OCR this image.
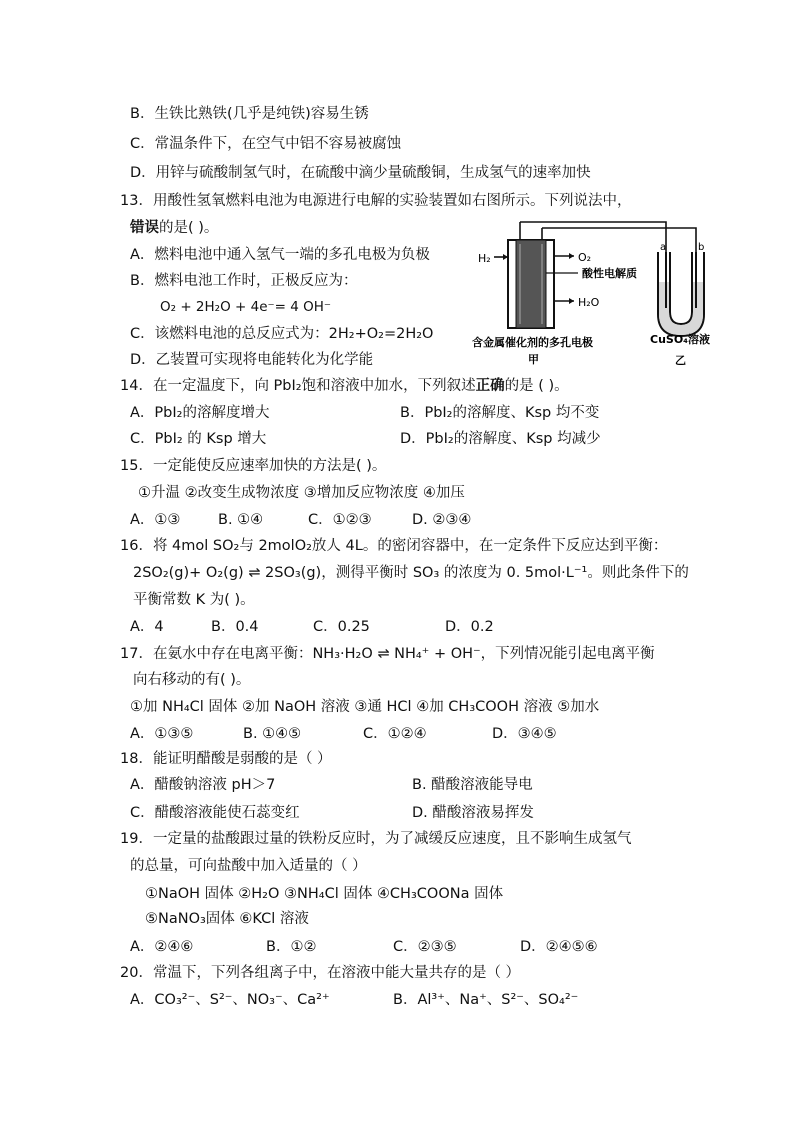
B．生铁比熟铁(几乎是纯铁)容易生锈
C．常温条件下，在空气中铝不容易被腐蚀
D．用锌与硫酸制氢气时，在硫酸中滴少量硫酸铜，生成氢气的速率加快
13．用酸性氢氧燃料电池为电源进行电解的实验装置如右图所示。下列说法中，
错误的是( )。
A．燃料电池中通入氢气一端的多孔电极为负极
B．燃料电池工作时，正极反应为：
O₂ + 2H₂O + 4e⁻= 4 OH⁻
C．该燃料电池的总反应式为：2H₂+O₂=2H₂O
D．乙装置可实现将电能转化为化学能
H₂	O₂
酸性电解质
H₂O
含金属催化剂的多孔电极
甲
a	b
CuSO₄溶液
乙
14．在一定温度下，向 PbI₂饱和溶液中加水，下列叙述正确的是 ( )。
A．PbI₂的溶解度增大	B．PbI₂的溶解度、Ksp 均不变
C．PbI₂ 的 Ksp 增大	D．PbI₂的溶解度、Ksp 均减少
15．一定能使反应速率加快的方法是( )。
①升温 ②改变生成物浓度 ③增加反应物浓度 ④加压
A．①③	B. ①④	C．①②③	D. ②③④
16．将 4mol SO₂与 2molO₂放人 4L。的密闭容器中，在一定条件下反应达到平衡：
2SO₂(g)+ O₂(g) ⇌ 2SO₃(g)，测得平衡时 SO₃ 的浓度为 0. 5mol·L⁻¹。则此条件下的
平衡常数 K 为( )。
A．4	B．0.4	C．0.25	D．0.2
17．在氨水中存在电离平衡：NH₃·H₂O ⇌ NH₄⁺ + OH⁻，下列情况能引起电离平衡
向右移动的有( )。
①加 NH₄Cl 固体 ②加 NaOH 溶液 ③通 HCl ④加 CH₃COOH 溶液 ⑤加水
A．①③⑤	B. ①④⑤	C．①②④	D．③④⑤
18．能证明醋酸是弱酸的是（ ）
A．醋酸钠溶液 pH＞7	B. 醋酸溶液能导电
C．醋酸溶液能使石蕊变红	D. 醋酸溶液易挥发
19．一定量的盐酸跟过量的铁粉反应时，为了减缓反应速度，且不影响生成氢气
的总量，可向盐酸中加入适量的（ ）
①NaOH 固体 ②H₂O ③NH₄Cl 固体 ④CH₃COONa 固体
⑤NaNO₃固体 ⑥KCl 溶液
A．②④⑥	B．①②	C．②③⑤	D．②④⑤⑥
20．常温下，下列各组离子中，在溶液中能大量共存的是（ ）
A．CO₃²⁻、S²⁻、NO₃⁻、Ca²⁺	B．Al³⁺、Na⁺、S²⁻、SO₄²⁻
